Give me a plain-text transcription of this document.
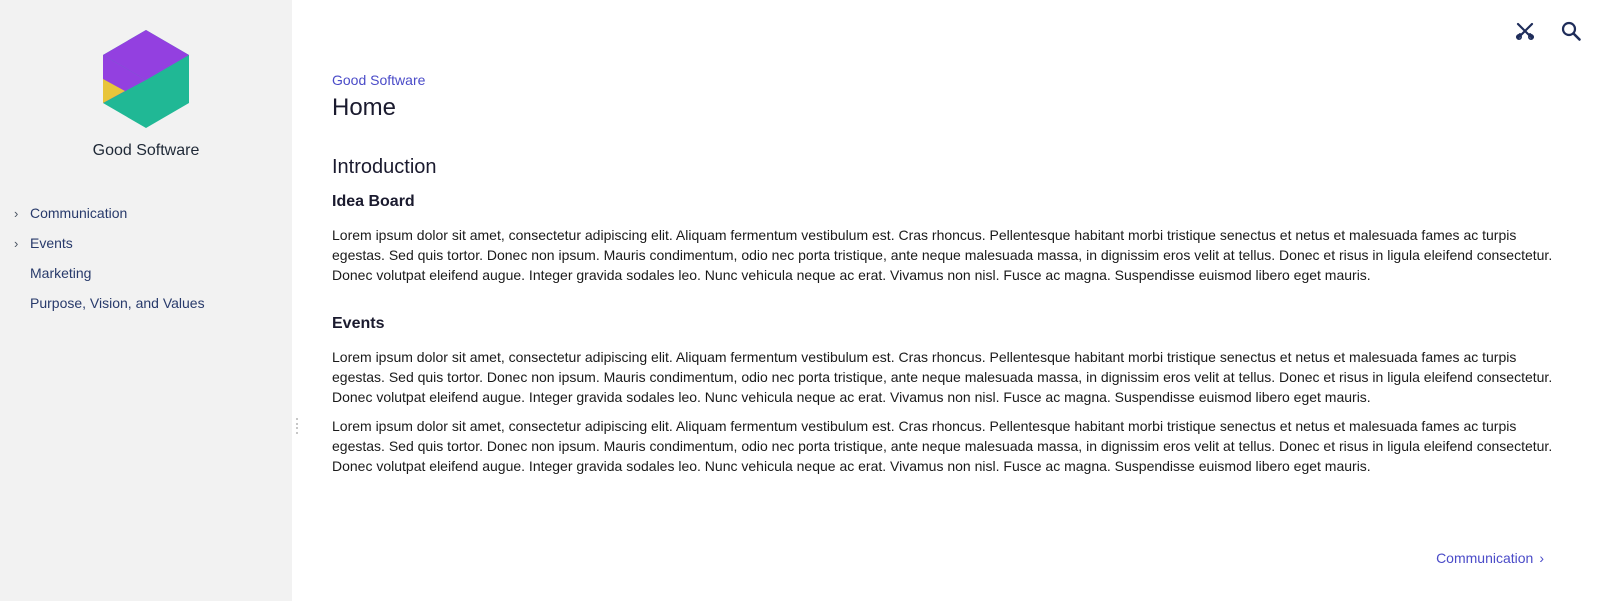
Good Software
› Communication
› Events
Marketing
Purpose, Vision, and Values
Good Software
Home
Introduction
Idea Board

Lorem ipsum dolor sit amet, consectetur adipiscing elit. Aliquam fermentum vestibulum est. Cras rhoncus. Pellentesque habitant morbi tristique senectus et netus et malesuada fames ac turpis egestas. Sed quis tortor. Donec non ipsum. Mauris condimentum, odio nec porta tristique, ante neque malesuada massa, in dignissim eros velit at tellus. Donec et risus in ligula eleifend consectetur. Donec volutpat eleifend augue. Integer gravida sodales leo. Nunc vehicula neque ac erat. Vivamus non nisl. Fusce ac magna. Suspendisse euismod libero eget mauris.

Events

Lorem ipsum dolor sit amet, consectetur adipiscing elit. Aliquam fermentum vestibulum est. Cras rhoncus. Pellentesque habitant morbi tristique senectus et netus et malesuada fames ac turpis egestas. Sed quis tortor. Donec non ipsum. Mauris condimentum, odio nec porta tristique, ante neque malesuada massa, in dignissim eros velit at tellus. Donec et risus in ligula eleifend consectetur. Donec volutpat eleifend augue. Integer gravida sodales leo. Nunc vehicula neque ac erat. Vivamus non nisl. Fusce ac magna. Suspendisse euismod libero eget mauris.

Lorem ipsum dolor sit amet, consectetur adipiscing elit. Aliquam fermentum vestibulum est. Cras rhoncus. Pellentesque habitant morbi tristique senectus et netus et malesuada fames ac turpis egestas. Sed quis tortor. Donec non ipsum. Mauris condimentum, odio nec porta tristique, ante neque malesuada massa, in dignissim eros velit at tellus. Donec et risus in ligula eleifend consectetur. Donec volutpat eleifend augue. Integer gravida sodales leo. Nunc vehicula neque ac erat. Vivamus non nisl. Fusce ac magna. Suspendisse euismod libero eget mauris.

Communication ›
